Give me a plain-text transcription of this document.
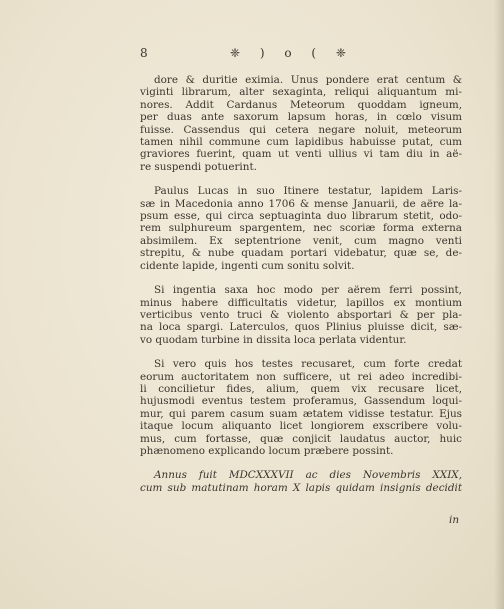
8	❈ ) o ( ❈
dore & duritie eximia. Unus pondere erat centum &
viginti librarum, alter sexaginta, reliqui aliquantum mi-
nores. Addit Cardanus Meteorum quoddam igneum,
per duas ante saxorum lapsum horas, in cœlo visum
fuisse. Cassendus qui cetera negare noluit, meteorum
tamen nihil commune cum lapidibus habuisse putat, cum
graviores fuerint, quam ut venti ullius vi tam diu in aë-
re suspendi potuerint.
Paulus Lucas in suo Itinere testatur, lapidem Laris-
sæ in Macedonia anno 1706 & mense Januarii, de aëre la-
psum esse, qui circa septuaginta duo librarum stetit, odo-
rem sulphureum spargentem, nec scoriæ forma externa
absimilem. Ex septentrione venit, cum magno venti
strepitu, & nube quadam portari videbatur, quæ se, de-
cidente lapide, ingenti cum sonitu solvit.
Si ingentia saxa hoc modo per aërem ferri possint,
minus habere difficultatis videtur, lapillos ex montium
verticibus vento truci & violento absportari & per pla-
na loca spargi. Laterculos, quos Plinius pluisse dicit, sæ-
vo quodam turbine in dissita loca perlata videntur.
Si vero quis hos testes recusaret, cum forte credat
eorum auctoritatem non sufficere, ut rei adeo incredibi-
li concilietur fides, alium, quem vix recusare licet,
hujusmodi eventus testem proferamus, Gassendum loqui-
mur, qui parem casum suam ætatem vidisse testatur. Ejus
itaque locum aliquanto licet longiorem exscribere volu-
mus, cum fortasse, quæ conjicit laudatus auctor, huic
phænomeno explicando locum præbere possint.
Annus fuit MDCXXXVII ac dies Novembris XXIX,
cum sub matutinam horam X lapis quidam insignis decidit
in
